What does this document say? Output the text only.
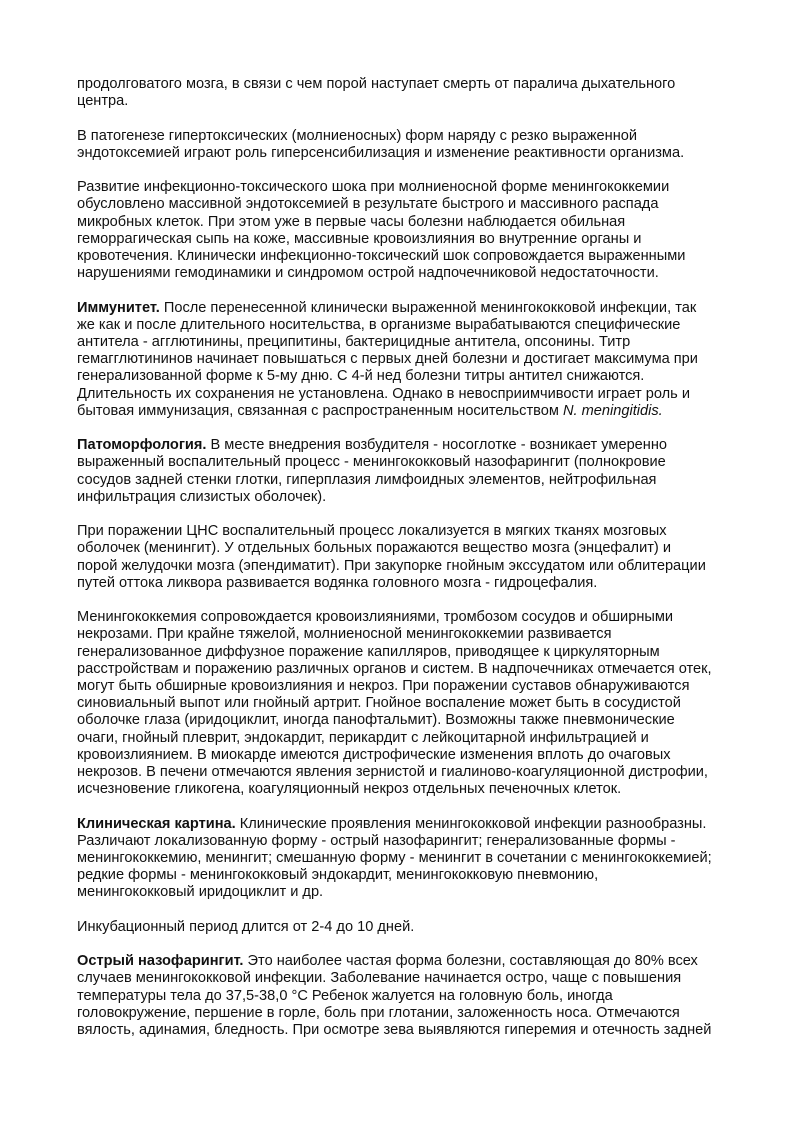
продолговатого мозга, в связи с чем порой наступает смерть от паралича дыхательного
центра.

В патогенезе гипертоксических (молниеносных) форм наряду с резко выраженной
эндотоксемией играют роль гиперсенсибилизация и изменение реактивности организма.

Развитие инфекционно-токсического шока при молниеносной форме менингококкемии
обусловлено массивной эндотоксемией в результате быстрого и массивного распада
микробных клеток. При этом уже в первые часы болезни наблюдается обильная
геморрагическая сыпь на коже, массивные кровоизлияния во внутренние органы и
кровотечения. Клинически инфекционно-токсический шок сопровождается выраженными
нарушениями гемодинамики и синдромом острой надпочечниковой недостаточности.

Иммунитет. После перенесенной клинически выраженной менингококковой инфекции, так
же как и после длительного носительства, в организме вырабатываются специфические
антитела - агглютинины, преципитины, бактерицидные антитела, опсонины. Титр
гемагглютининов начинает повышаться с первых дней болезни и достигает максимума при
генерализованной форме к 5-му дню. С 4-й нед болезни титры антител снижаются.
Длительность их сохранения не установлена. Однако в невосприимчивости играет роль и
бытовая иммунизация, связанная с распространенным носительством N. meningitidis.

Патоморфология. В месте внедрения возбудителя - носоглотке - возникает умеренно
выраженный воспалительный процесс - менингококковый назофарингит (полнокровие
сосудов задней стенки глотки, гиперплазия лимфоидных элементов, нейтрофильная
инфильтрация слизистых оболочек).

При поражении ЦНС воспалительный процесс локализуется в мягких тканях мозговых
оболочек (менингит). У отдельных больных поражаются вещество мозга (энцефалит) и
порой желудочки мозга (эпендиматит). При закупорке гнойным экссудатом или облитерации
путей оттока ликвора развивается водянка головного мозга - гидроцефалия.

Менингококкемия сопровождается кровоизлияниями, тромбозом сосудов и обширными
некрозами. При крайне тяжелой, молниеносной менингококкемии развивается
генерализованное диффузное поражение капилляров, приводящее к циркуляторным
расстройствам и поражению различных органов и систем. В надпочечниках отмечается отек,
могут быть обширные кровоизлияния и некроз. При поражении суставов обнаруживаются
синовиальный выпот или гнойный артрит. Гнойное воспаление может быть в сосудистой
оболочке глаза (иридоциклит, иногда панофтальмит). Возможны также пневмонические
очаги, гнойный плеврит, эндокардит, перикардит с лейкоцитарной инфильтрацией и
кровоизлиянием. В миокарде имеются дистрофические изменения вплоть до очаговых
некрозов. В печени отмечаются явления зернистой и гиалиново-коагуляционной дистрофии,
исчезновение гликогена, коагуляционный некроз отдельных печеночных клеток.

Клиническая картина. Клинические проявления менингококковой инфекции разнообразны.
Различают локализованную форму - острый назофарингит; генерализованные формы -
менингококкемию, менингит; смешанную форму - менингит в сочетании с менингококкемией;
редкие формы - менингококковый эндокардит, менингококковую пневмонию,
менингококковый иридоциклит и др.

Инкубационный период длится от 2-4 до 10 дней.

Острый назофарингит. Это наиболее частая форма болезни, составляющая до 80% всех
случаев менингококковой инфекции. Заболевание начинается остро, чаще с повышения
температуры тела до 37,5-38,0 °С Ребенок жалуется на головную боль, иногда
головокружение, першение в горле, боль при глотании, заложенность носа. Отмечаются
вялость, адинамия, бледность. При осмотре зева выявляются гиперемия и отечность задней
